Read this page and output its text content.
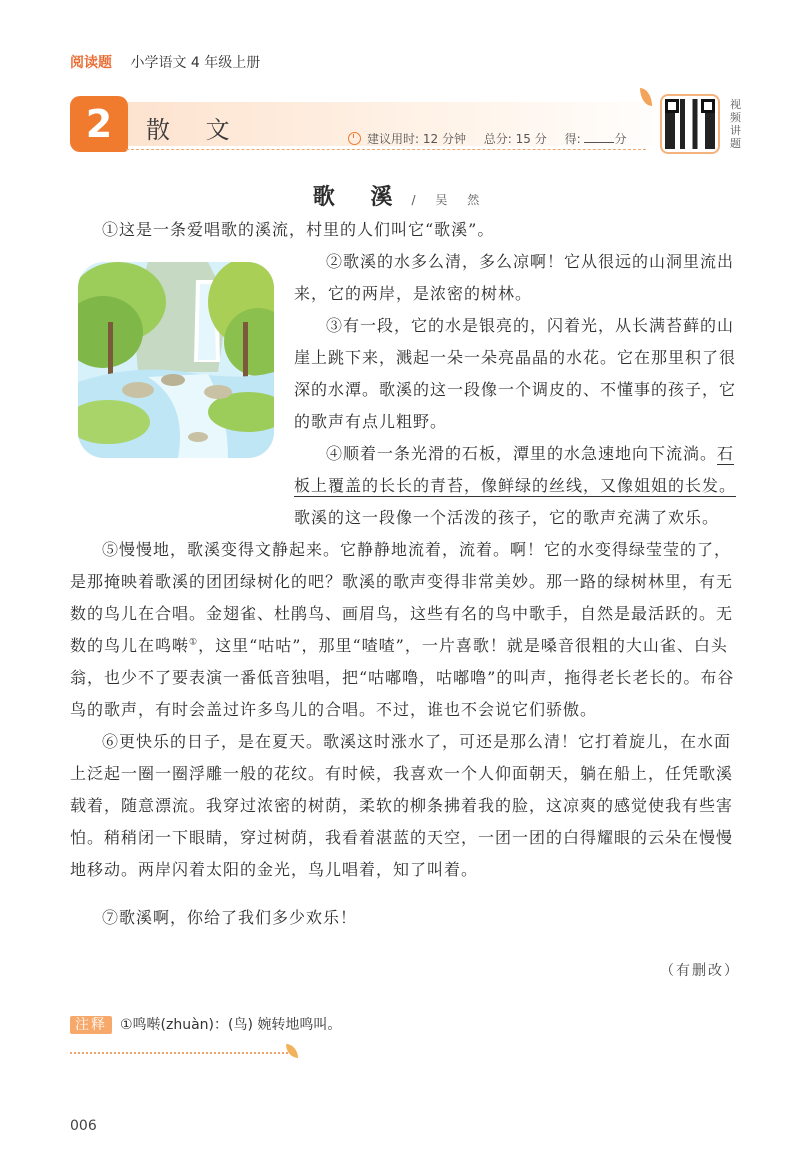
阅读题 小学语文 4 年级上册
2	散 文	建议用时: 12 分钟 总分: 15 分 得:	分
视频讲题
歌 溪 / 吴 然

①这是一条爱唱歌的溪流，村里的人们叫它“歌溪”。

②歌溪的水多么清，多么凉啊！它从很远的山洞里流出来，它的两岸，是浓密的树林。

③有一段，它的水是银亮的，闪着光，从长满苔藓的山崖上跳下来，溅起一朵一朵亮晶晶的水花。它在那里积了很深的水潭。歌溪的这一段像一个调皮的、不懂事的孩子，它的歌声有点儿粗野。

④顺着一条光滑的石板，潭里的水急速地向下流淌。石板上覆盖的长长的青苔，像鲜绿的丝线，又像姐姐的长发。歌溪的这一段像一个活泼的孩子，它的歌声充满了欢乐。

⑤慢慢地，歌溪变得文静起来。它静静地流着，流着。啊！它的水变得绿莹莹的了，是那掩映着歌溪的团团绿树化的吧？歌溪的歌声变得非常美妙。那一路的绿树林里，有无数的鸟儿在合唱。金翅雀、杜鹃鸟、画眉鸟，这些有名的鸟中歌手，自然是最活跃的。无数的鸟儿在鸣啭①，这里“咕咕”，那里“喳喳”，一片喜歌！就是嗓音很粗的大山雀、白头翁，也少不了要表演一番低音独唱，把“咕嘟噜，咕嘟噜”的叫声，拖得老长老长的。布谷鸟的歌声，有时会盖过许多鸟儿的合唱。不过，谁也不会说它们骄傲。

⑥更快乐的日子，是在夏天。歌溪这时涨水了，可还是那么清！它打着旋儿，在水面上泛起一圈一圈浮雕一般的花纹。有时候，我喜欢一个人仰面朝天，躺在船上，任凭歌溪载着，随意漂流。我穿过浓密的树荫，柔软的柳条拂着我的脸，这凉爽的感觉使我有些害怕。稍稍闭一下眼睛，穿过树荫，我看着湛蓝的天空，一团一团的白得耀眼的云朵在慢慢地移动。两岸闪着太阳的金光，鸟儿唱着，知了叫着。

⑦歌溪啊，你给了我们多少欢乐！

（有删改）
注释 ①鸣啭(zhuàn)：(鸟) 婉转地鸣叫。
006
